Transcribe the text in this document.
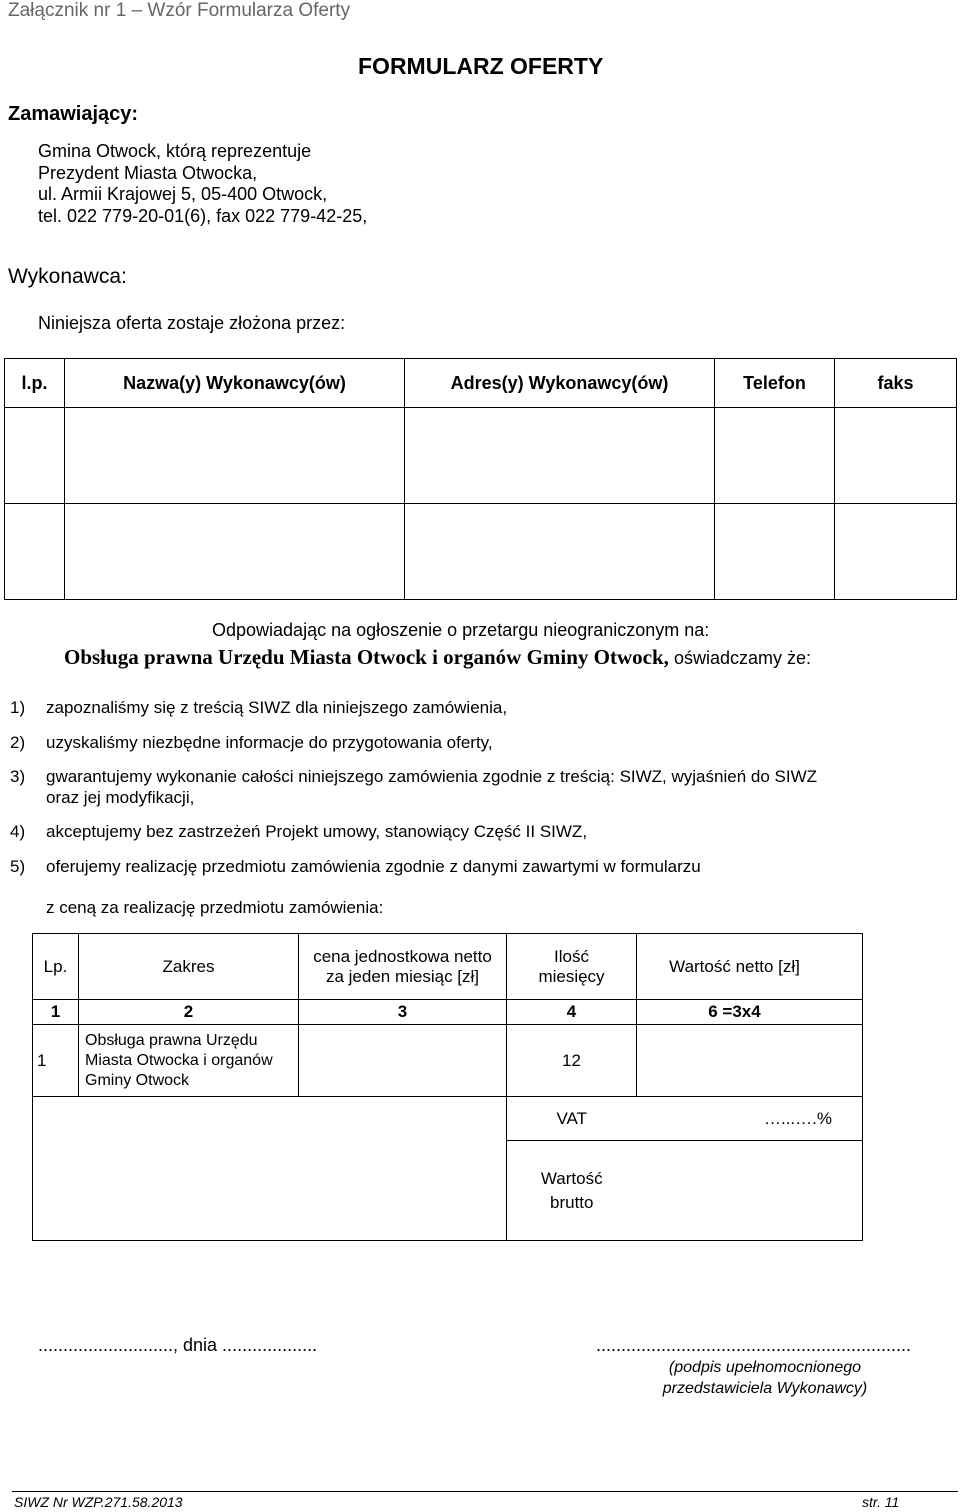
Załącznik nr 1 – Wzór Formularza Oferty
FORMULARZ OFERTY
Zamawiający:
Gmina Otwock, którą reprezentuje
Prezydent Miasta Otwocka,
ul. Armii Krajowej 5, 05-400 Otwock,
tel. 022 779-20-01(6), fax 022 779-42-25,
Wykonawca:
Niniejsza oferta zostaje złożona przez:
l.p.	Nazwa(y) Wykonawcy(ów)	Adres(y) Wykonawcy(ów)	Telefon	faks

Odpowiadając na ogłoszenie o przetargu nieograniczonym na:
Obsługa prawna Urzędu Miasta Otwock i organów Gminy Otwock, oświadczamy że:
1) zapoznaliśmy się z treścią SIWZ dla niniejszego zamówienia,
2) uzyskaliśmy niezbędne informacje do przygotowania oferty,
3) gwarantujemy wykonanie całości niniejszego zamówienia zgodnie z treścią: SIWZ, wyjaśnień do SIWZ
oraz jej modyfikacji,
4) akceptujemy bez zastrzeżeń Projekt umowy, stanowiący Część II SIWZ,
5) oferujemy realizację przedmiotu zamówienia zgodnie z danymi zawartymi w formularzu
z ceną za realizację przedmiotu zamówienia:
Lp.	Zakres	cena jednostkowa netto za jeden miesiąc [zł]	Ilość miesięcy	Wartość netto [zł]	
1	2	3	4	6 =3x4	
1	Obsługa prawna Urzędu Miasta Otwocka i organów Gminy Otwock		12		
			VAT	…...….%	
			Wartość brutto		
..........................., dnia ...................	...............................................................
(podpis upełnomocnionego przedstawiciela Wykonawcy)
SIWZ Nr WZP.271.58.2013	str. 11
